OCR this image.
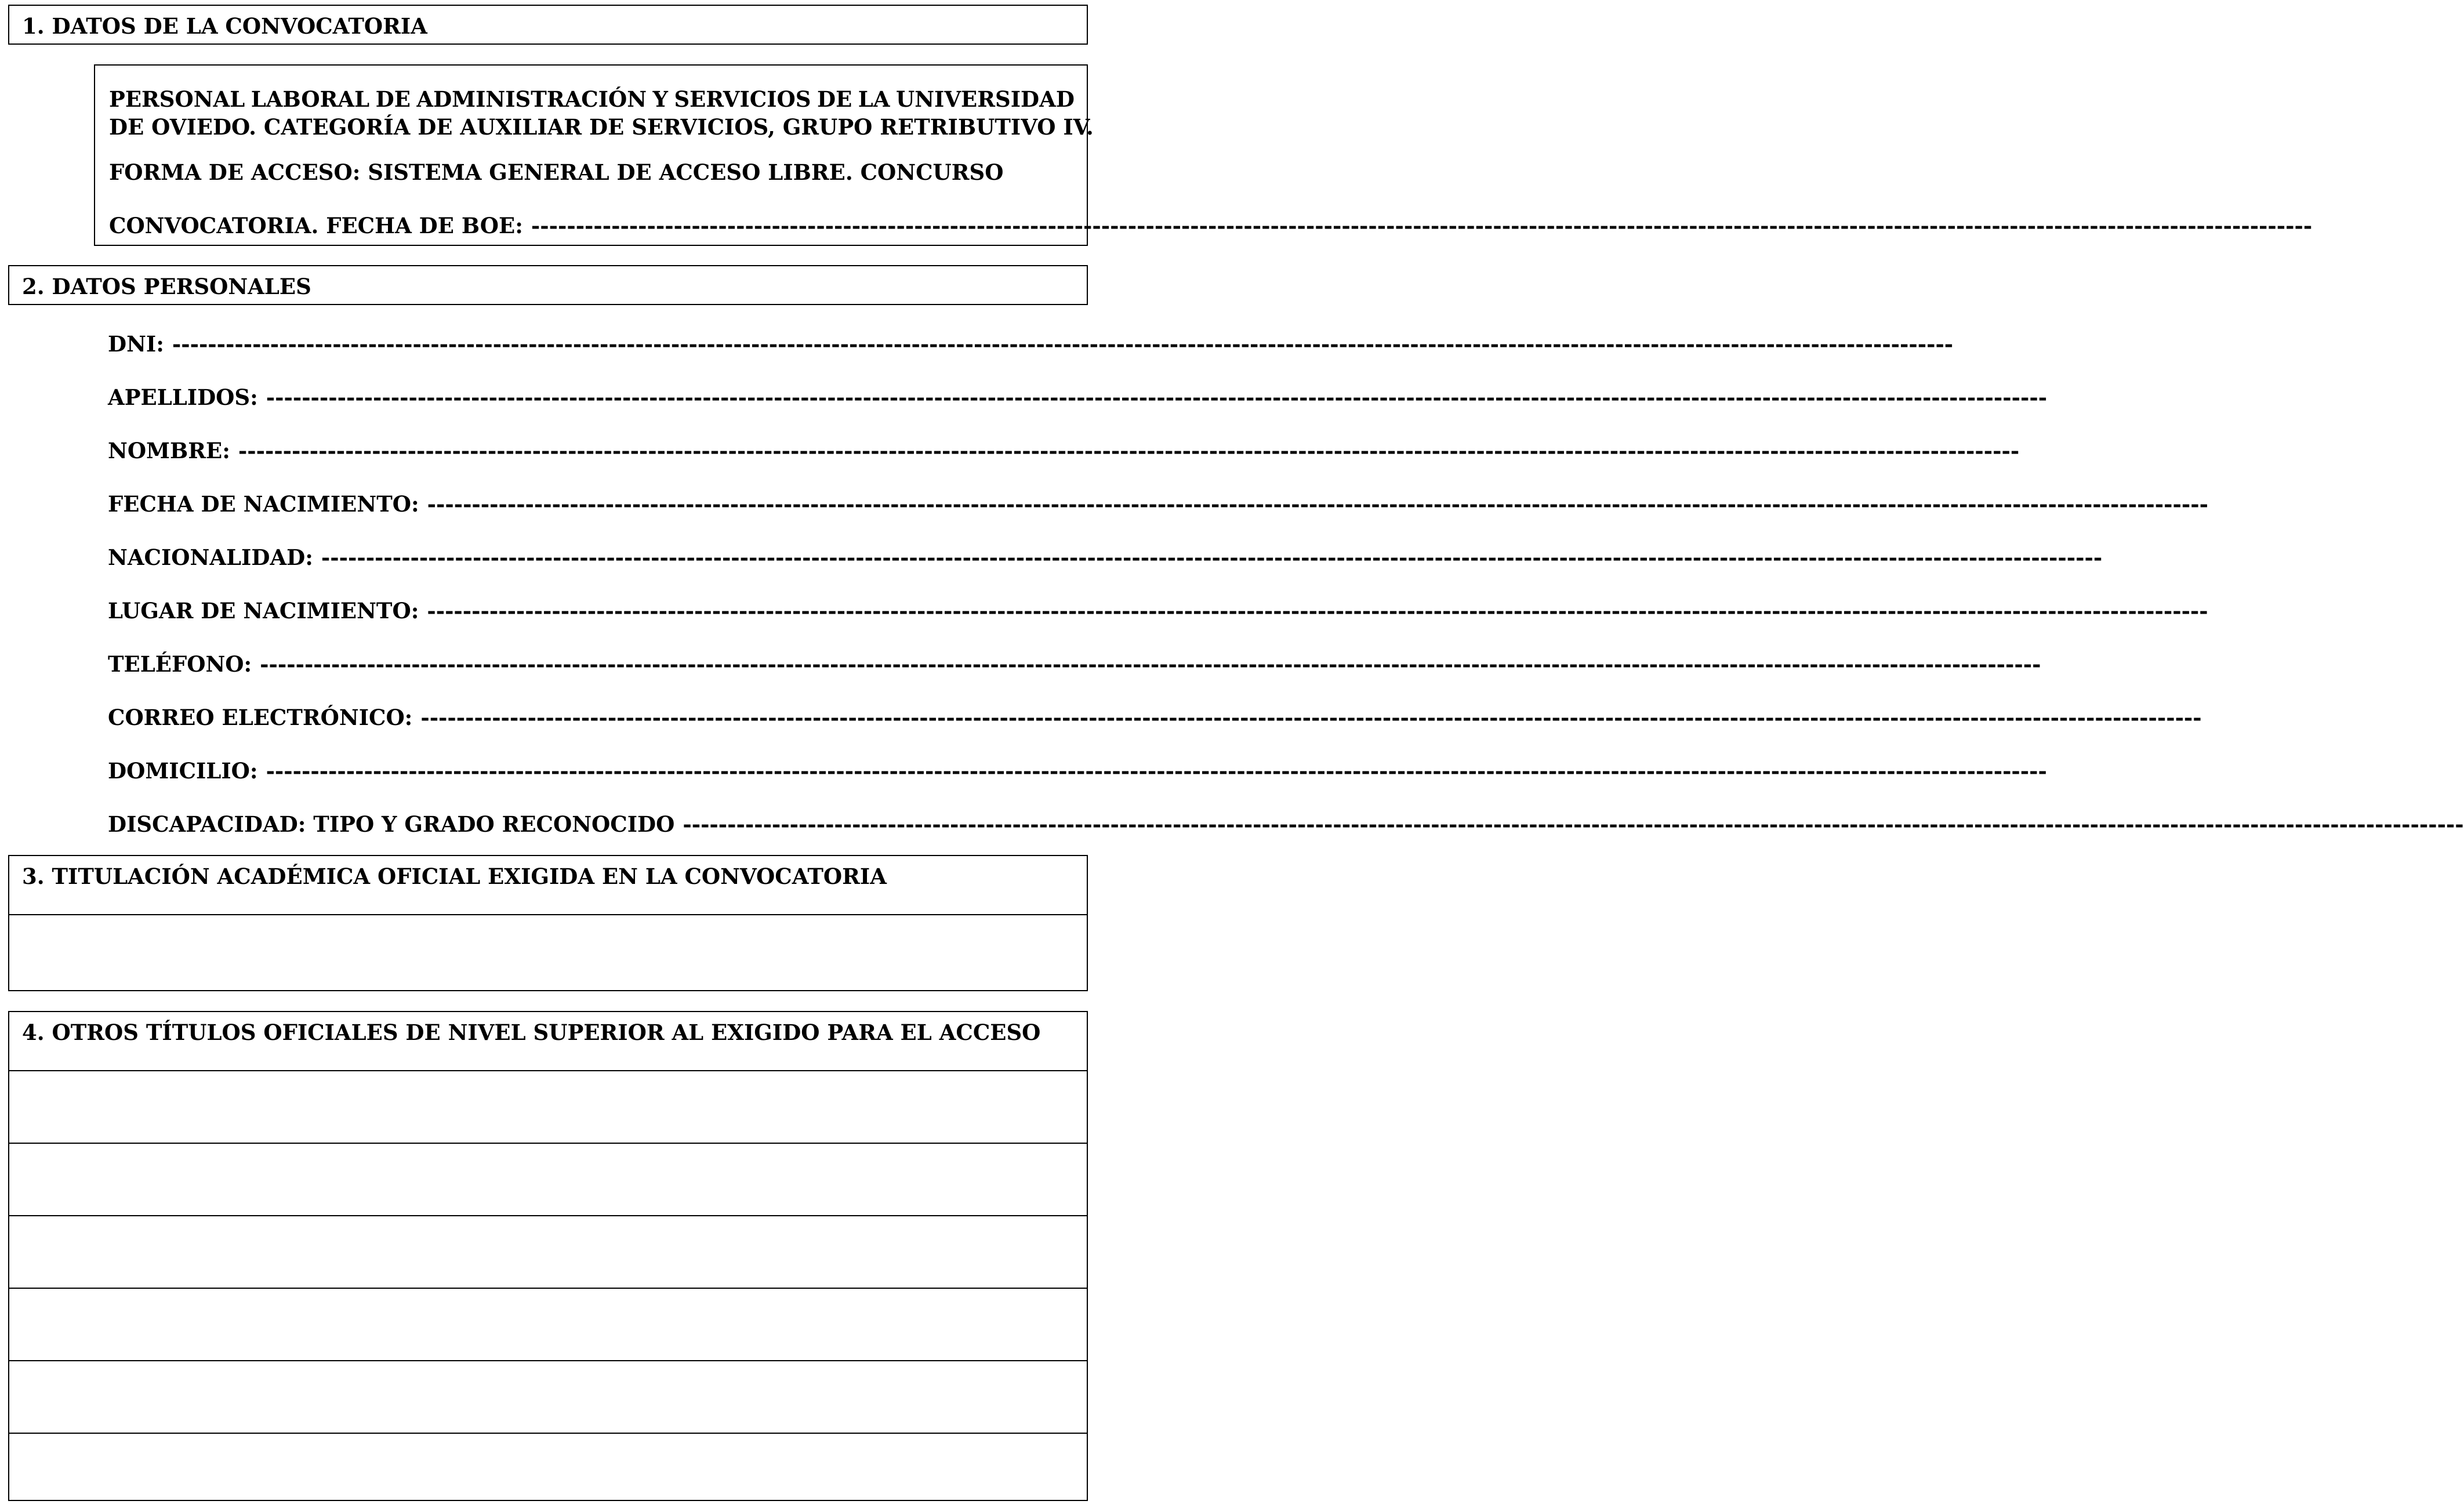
1. DATOS DE LA CONVOCATORIA
PERSONAL LABORAL DE ADMINISTRACIÓN Y SERVICIOS DE LA UNIVERSIDAD
DE OVIEDO. CATEGORÍA DE AUXILIAR DE SERVICIOS, GRUPO RETRIBUTIVO IV.
FORMA DE ACCESO: SISTEMA GENERAL DE ACCESO LIBRE. CONCURSO
CONVOCATORIA. FECHA DE BOE: --------------------------------------------------------------------------------------------------------------------------------------------------------------------------------------------------------
2. DATOS PERSONALES
DNI: --------------------------------------------------------------------------------------------------------------------------------------------------------------------------------------------------------
APELLIDOS: --------------------------------------------------------------------------------------------------------------------------------------------------------------------------------------------------------
NOMBRE: --------------------------------------------------------------------------------------------------------------------------------------------------------------------------------------------------------
FECHA DE NACIMIENTO: --------------------------------------------------------------------------------------------------------------------------------------------------------------------------------------------------------
NACIONALIDAD: --------------------------------------------------------------------------------------------------------------------------------------------------------------------------------------------------------
LUGAR DE NACIMIENTO: --------------------------------------------------------------------------------------------------------------------------------------------------------------------------------------------------------
TELÉFONO: --------------------------------------------------------------------------------------------------------------------------------------------------------------------------------------------------------
CORREO ELECTRÓNICO: --------------------------------------------------------------------------------------------------------------------------------------------------------------------------------------------------------
DOMICILIO: --------------------------------------------------------------------------------------------------------------------------------------------------------------------------------------------------------
DISCAPACIDAD: TIPO Y GRADO RECONOCIDO --------------------------------------------------------------------------------------------------------------------------------------------------------------------------------------------------------
3. TITULACIÓN ACADÉMICA OFICIAL EXIGIDA EN LA CONVOCATORIA
4. OTROS TÍTULOS OFICIALES DE NIVEL SUPERIOR AL EXIGIDO PARA EL ACCESO
